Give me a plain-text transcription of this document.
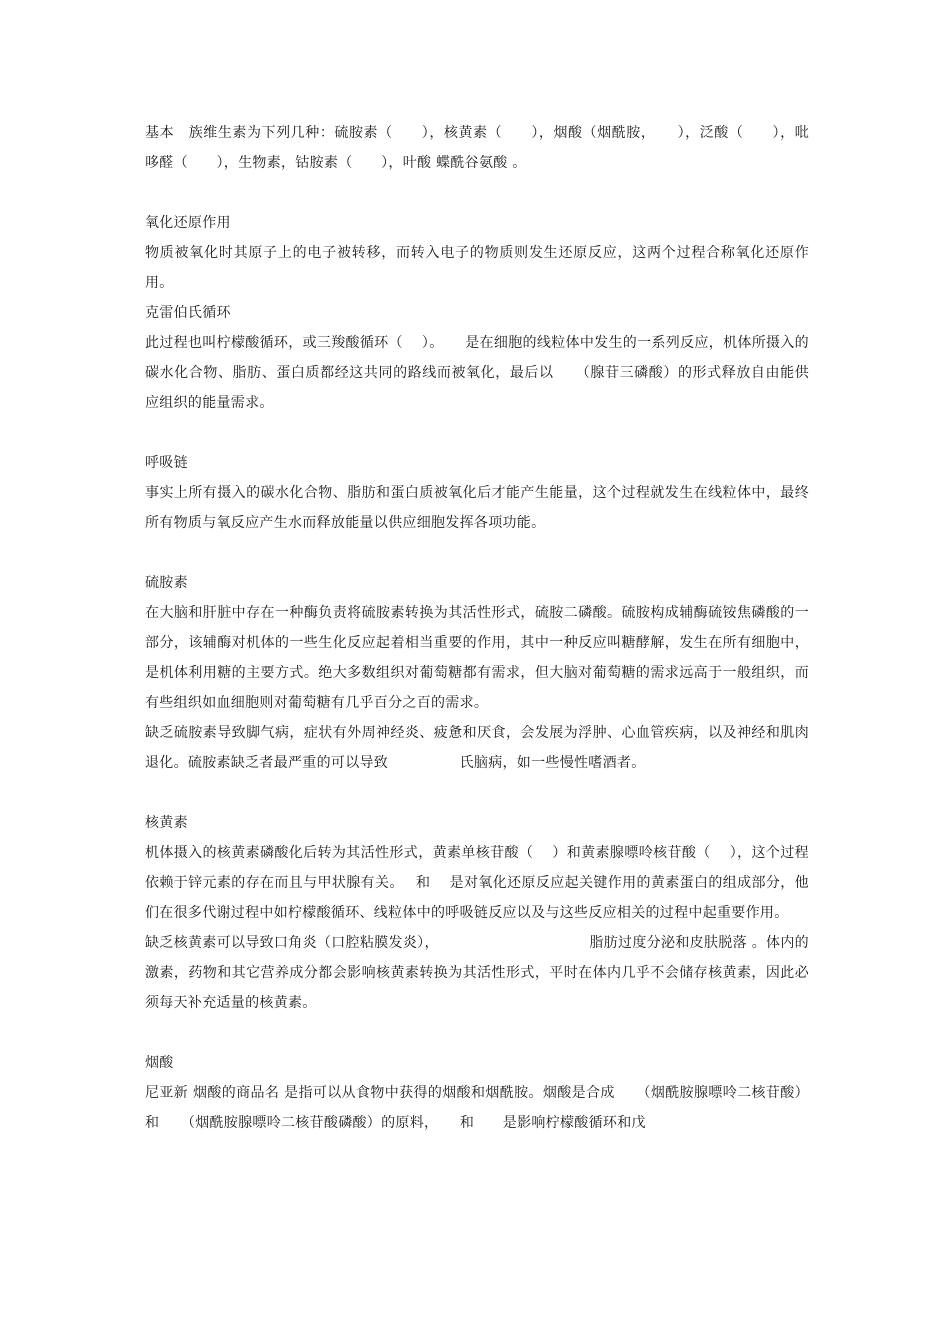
基本　族维生素为下列几种：硫胺素（　　），核黄素（　　），烟酸（烟酰胺，　　），泛酸（　　），吡哆醛（　　），生物素，钴胺素（　　），叶酸 蝶酰谷氨酸 。

氧化还原作用

物质被氧化时其原子上的电子被转移，而转入电子的物质则发生还原反应，这两个过程合称氧化还原作用。

克雷伯氏循环

此过程也叫柠檬酸循环，或三羧酸循环（　 ）。　　是在细胞的线粒体中发生的一系列反应，机体所摄入的碳水化合物、脂肪、蛋白质都经这共同的路线而被氧化，最后以　　（腺苷三磷酸）的形式释放自由能供应组织的能量需求。

呼吸链

事实上所有摄入的碳水化合物、脂肪和蛋白质被氧化后才能产生能量，这个过程就发生在线粒体中，最终所有物质与氧反应产生水而释放能量以供应细胞发挥各项功能。

硫胺素

在大脑和肝脏中存在一种酶负责将硫胺素转换为其活性形式，硫胺二磷酸。硫胺构成辅酶硫铵焦磷酸的一部分，该辅酶对机体的一些生化反应起着相当重要的作用，其中一种反应叫糖酵解，发生在所有细胞中，是机体利用糖的主要方式。绝大多数组织对葡萄糖都有需求，但大脑对葡萄糖的需求远高于一般组织，而有些组织如血细胞则对葡萄糖有几乎百分之百的需求。

缺乏硫胺素导致脚气病，症状有外周神经炎、疲惫和厌食，会发展为浮肿、心血管疾病，以及神经和肌肉退化。硫胺素缺乏者最严重的可以导致　　　　　氏脑病，如一些慢性嗜酒者。

核黄素

机体摄入的核黄素磷酸化后转为其活性形式，黄素单核苷酸（　 ）和黄素腺嘌呤核苷酸（　 ），这个过程依赖于锌元素的存在而且与甲状腺有关。　 和　 是对氧化还原反应起关键作用的黄素蛋白的组成部分，他们在很多代谢过程中如柠檬酸循环、线粒体中的呼吸链反应以及与这些反应相关的过程中起重要作用。

缺乏核黄素可以导致口角炎（口腔粘膜发炎），　　　　　　　　　　　脂肪过度分泌和皮肤脱落 。体内的激素，药物和其它营养成分都会影响核黄素转换为其活性形式，平时在体内几乎不会储存核黄素，因此必须每天补充适量的核黄素。

烟酸

尼亚新 烟酸的商品名 是指可以从食物中获得的烟酸和烟酰胺。烟酸是合成　　（烟酰胺腺嘌呤二核苷酸）和　　（烟酰胺腺嘌呤二核苷酸磷酸）的原料，　　和　　是影响柠檬酸循环和戊
